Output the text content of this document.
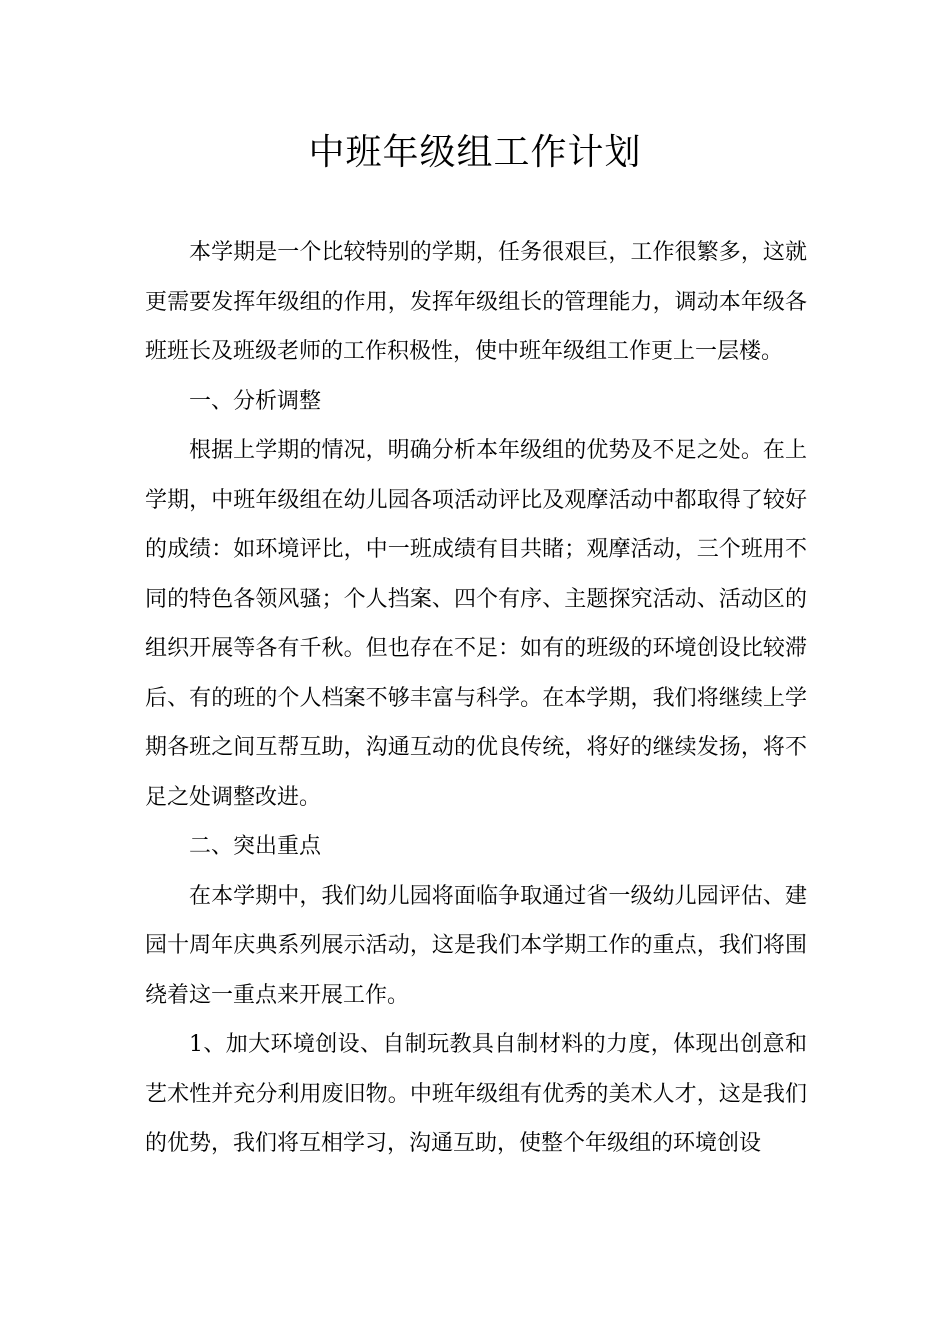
中班年级组工作计划

本学期是一个比较特别的学期，任务很艰巨，工作很繁多，这就更需要发挥年级组的作用，发挥年级组长的管理能力，调动本年级各班班长及班级老师的工作积极性，使中班年级组工作更上一层楼。

一、分析调整

根据上学期的情况，明确分析本年级组的优势及不足之处。在上学期，中班年级组在幼儿园各项活动评比及观摩活动中都取得了较好的成绩：如环境评比，中一班成绩有目共睹；观摩活动，三个班用不同的特色各领风骚；个人挡案、四个有序、主题探究活动、活动区的组织开展等各有千秋。但也存在不足：如有的班级的环境创设比较滞后、有的班的个人档案不够丰富与科学。在本学期，我们将继续上学期各班之间互帮互助，沟通互动的优良传统，将好的继续发扬，将不足之处调整改进。

二、突出重点

在本学期中，我们幼儿园将面临争取通过省一级幼儿园评估、建园十周年庆典系列展示活动，这是我们本学期工作的重点，我们将围绕着这一重点来开展工作。

1、加大环境创设、自制玩教具自制材料的力度，体现出创意和艺术性并充分利用废旧物。中班年级组有优秀的美术人才，这是我们的优势，我们将互相学习，沟通互助，使整个年级组的环境创设
